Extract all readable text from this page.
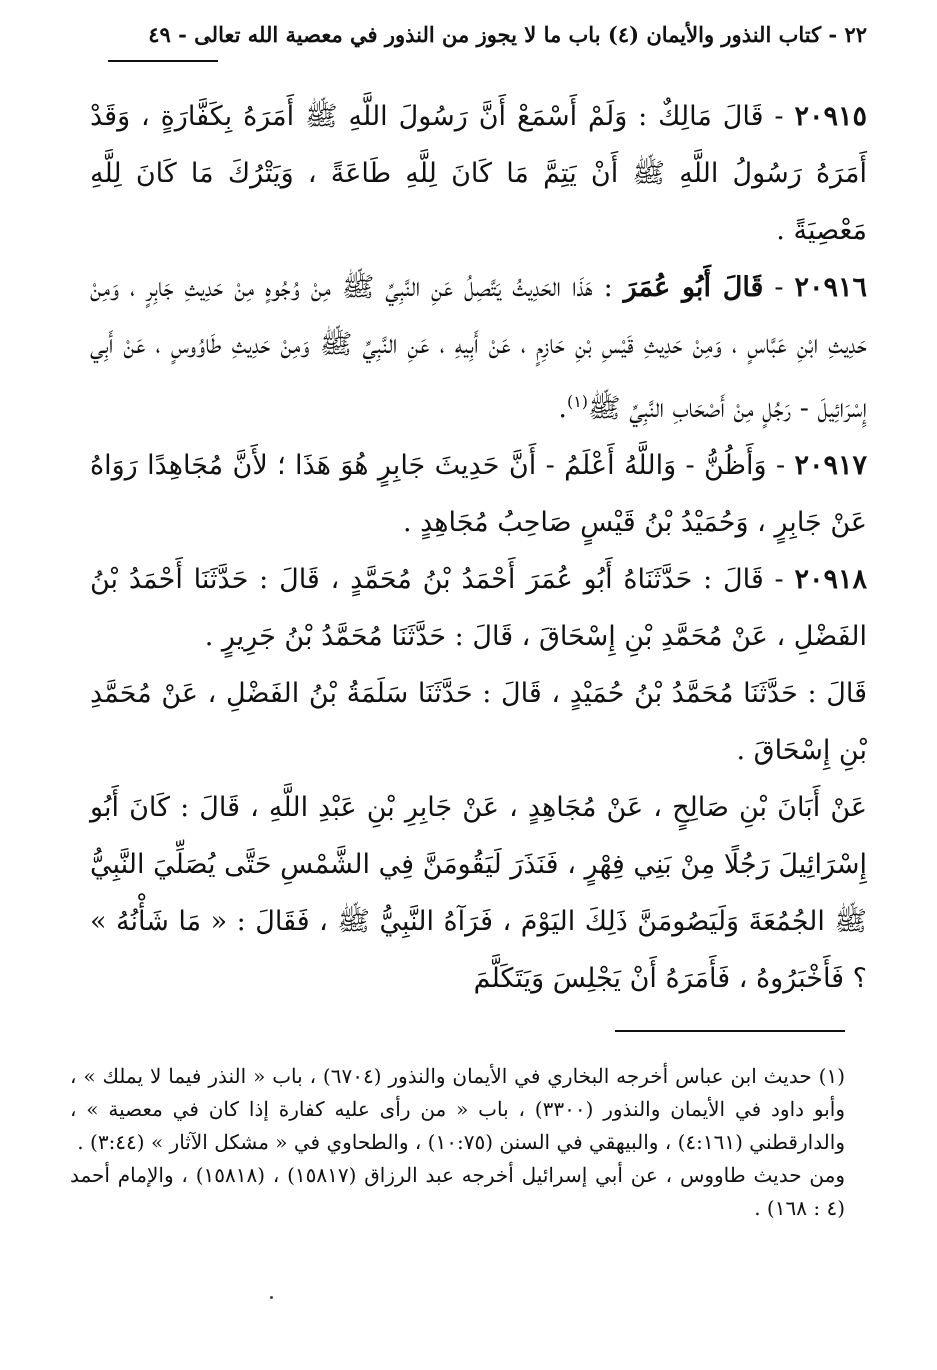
٢٢ - كتاب النذور والأيمان (٤) باب ما لا يجوز من النذور في معصية الله تعالى - ٤٩

٢٠٩١٥ - قَالَ مَالِكٌ : وَلَمْ أَسْمَعْ أَنَّ رَسُولَ اللَّهِ ﷺ أَمَرَهُ بِكَفَّارَةٍ ، وَقَدْ أَمَرَهُ رَسُولُ اللَّهِ ﷺ أَنْ يَتِمَّ مَا كَانَ لِلَّهِ طَاعَةً ، وَيَتْرُكَ مَا كَانَ لِلَّهِ مَعْصِيَةً .

٢٠٩١٦ - قَالَ أَبُو عُمَرَ : هَذَا الحَدِيثُ يَتَّصِلُ عَنِ النَّبِيِّ ﷺ مِنْ وُجُوهٍ مِنْ حَدِيثِ جَابِرٍ ، وَمِنْ حَدِيثِ ابْنِ عَبَّاسٍ ، وَمِنْ حَدِيثِ قَيْسِ بْنِ حَازِمٍ ، عَنْ أَبِيهِ ، عَنِ النَّبِيِّ ﷺ وَمِنْ حَدِيثِ طَاوُوسٍ ، عَنْ أَبِي إِسْرَائِيلَ - رَجُلٍ مِنْ أَصْحَابِ النَّبِيِّ ﷺ$^{(١)}$.

٢٠٩١٧ - وَأَظُنُّ - وَاللَّهُ أَعْلَمُ - أَنَّ حَدِيثَ جَابِرٍ هُوَ هَذَا ؛ لأَنَّ مُجَاهِدًا رَوَاهُ عَنْ جَابِرٍ ، وَحُمَيْدُ بْنُ قَيْسٍ صَاحِبُ مُجَاهِدٍ .

٢٠٩١٨ - قَالَ : حَدَّثَنَاهُ أَبُو عُمَرَ أَحْمَدُ بْنُ مُحَمَّدٍ ، قَالَ : حَدَّثَنَا أَحْمَدُ بْنُ الفَضْلِ ، عَنْ مُحَمَّدِ بْنِ إِسْحَاقَ ، قَالَ : حَدَّثَنَا مُحَمَّدُ بْنُ جَرِيرٍ .

قَالَ : حَدَّثَنَا مُحَمَّدُ بْنُ حُمَيْدٍ ، قَالَ : حَدَّثَنَا سَلَمَةُ بْنُ الفَضْلِ ، عَنْ مُحَمَّدِ بْنِ إِسْحَاقَ .

عَنْ أَبَانَ بْنِ صَالِحٍ ، عَنْ مُجَاهِدٍ ، عَنْ جَابِرِ بْنِ عَبْدِ اللَّهِ ، قَالَ : كَانَ أَبُو إِسْرَائِيلَ رَجُلًا مِنْ بَنِي فِهْرٍ ، فَنَذَرَ لَيَقُومَنَّ فِي الشَّمْسِ حَتَّى يُصَلِّيَ النَّبِيُّ ﷺ الجُمُعَةَ وَلَيَصُومَنَّ ذَلِكَ اليَوْمَ ، فَرَآهُ النَّبِيُّ ﷺ ، فَقَالَ : « مَا شَأْنُهُ » ؟ فَأَخْبَرُوهُ ، فَأَمَرَهُ أَنْ يَجْلِسَ وَيَتَكَلَّمَ

(١) حديث ابن عباس أخرجه البخاري في الأيمان والنذور (٦٧٠٤) ، باب « النذر فيما لا يملك » ، وأبو داود في الأيمان والنذور (٣٣٠٠) ، باب « من رأى عليه كفارة إذا كان في معصية » ، والدارقطني (٤:١٦١) ، والبيهقي في السنن (١٠:٧٥) ، والطحاوي في « مشكل الآثار » (٣:٤٤) .

ومن حديث طاووس ، عن أبي إسرائيل أخرجه عبد الرزاق (١٥٨١٧) ، (١٥٨١٨) ، والإمام أحمد (٤ : ١٦٨) .
